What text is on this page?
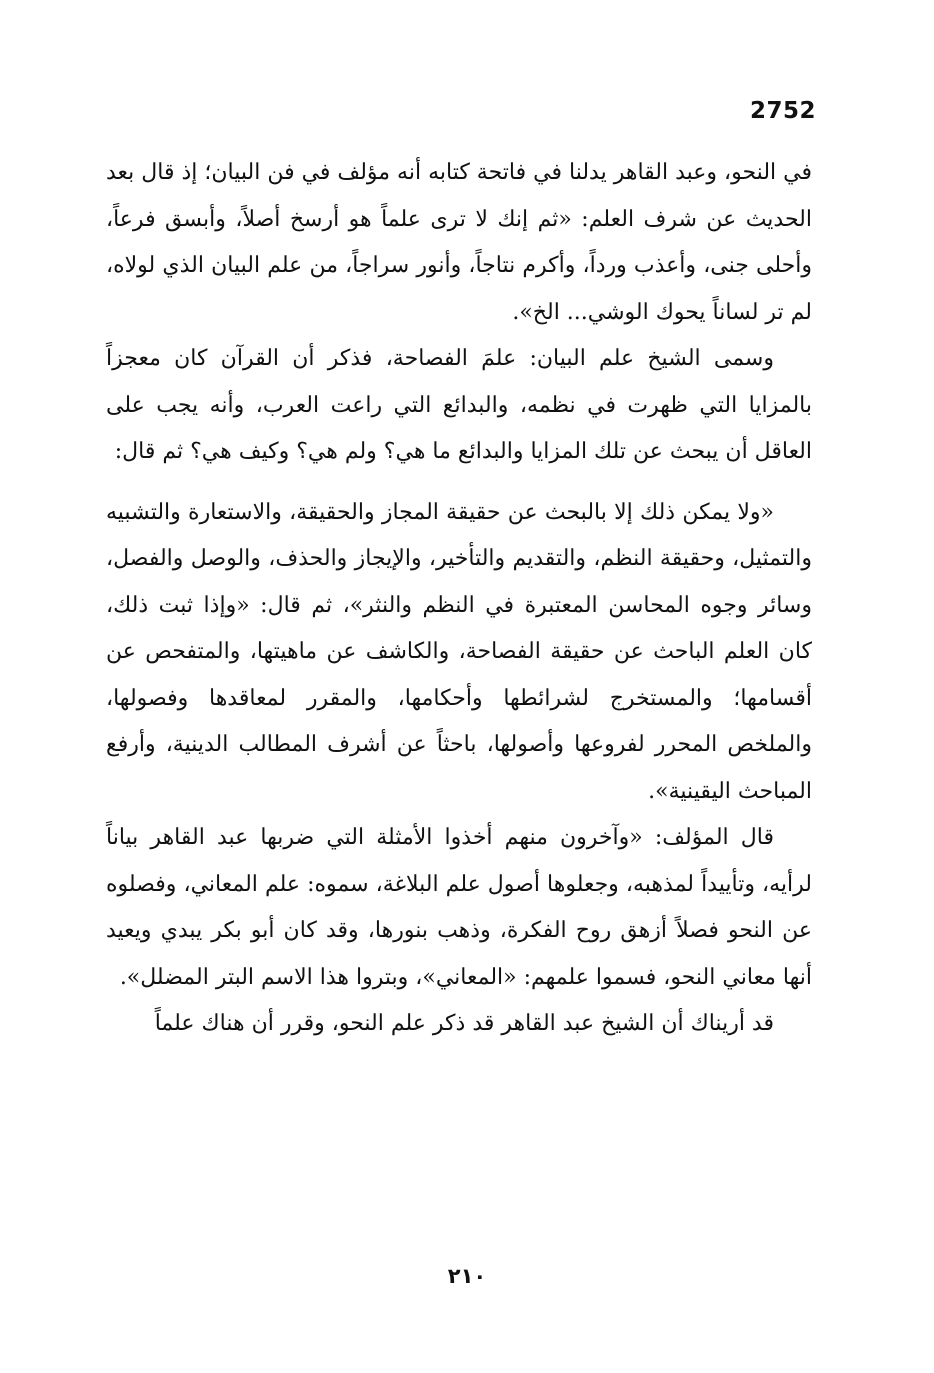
2752

في النحو، وعبد القاهر يدلنا في فاتحة كتابه أنه مؤلف في فن البيان؛ إذ قال بعد الحديث عن شرف العلم: «ثم إنك لا ترى علماً هو أرسخ أصلاً، وأبسق فرعاً، وأحلى جنى، وأعذب ورداً، وأكرم نتاجاً، وأنور سراجاً، من علم البيان الذي لولاه، لم تر لساناً يحوك الوشي... الخ».

وسمى الشيخ علم البيان: علمَ الفصاحة، فذكر أن القرآن كان معجزاً بالمزايا التي ظهرت في نظمه، والبدائع التي راعت العرب، وأنه يجب على العاقل أن يبحث عن تلك المزايا والبدائع ما هي؟ ولم هي؟ وكيف هي؟ ثم قال:

«ولا يمكن ذلك إلا بالبحث عن حقيقة المجاز والحقيقة، والاستعارة والتشبيه والتمثيل، وحقيقة النظم، والتقديم والتأخير، والإيجاز والحذف، والوصل والفصل، وسائر وجوه المحاسن المعتبرة في النظم والنثر»، ثم قال: «وإذا ثبت ذلك، كان العلم الباحث عن حقيقة الفصاحة، والكاشف عن ماهيتها، والمتفحص عن أقسامها؛ والمستخرج لشرائطها وأحكامها، والمقرر لمعاقدها وفصولها، والملخص المحرر لفروعها وأصولها، باحثاً عن أشرف المطالب الدينية، وأرفع المباحث اليقينية».

قال المؤلف: «وآخرون منهم أخذوا الأمثلة التي ضربها عبد القاهر بياناً لرأيه، وتأييداً لمذهبه، وجعلوها أصول علم البلاغة، سموه: علم المعاني، وفصلوه عن النحو فصلاً أزهق روح الفكرة، وذهب بنورها، وقد كان أبو بكر يبدي ويعيد أنها معاني النحو، فسموا علمهم: «المعاني»، وبتروا هذا الاسم البتر المضلل».

قد أريناك أن الشيخ عبد القاهر قد ذكر علم النحو، وقرر أن هناك علماً

٢١٠
